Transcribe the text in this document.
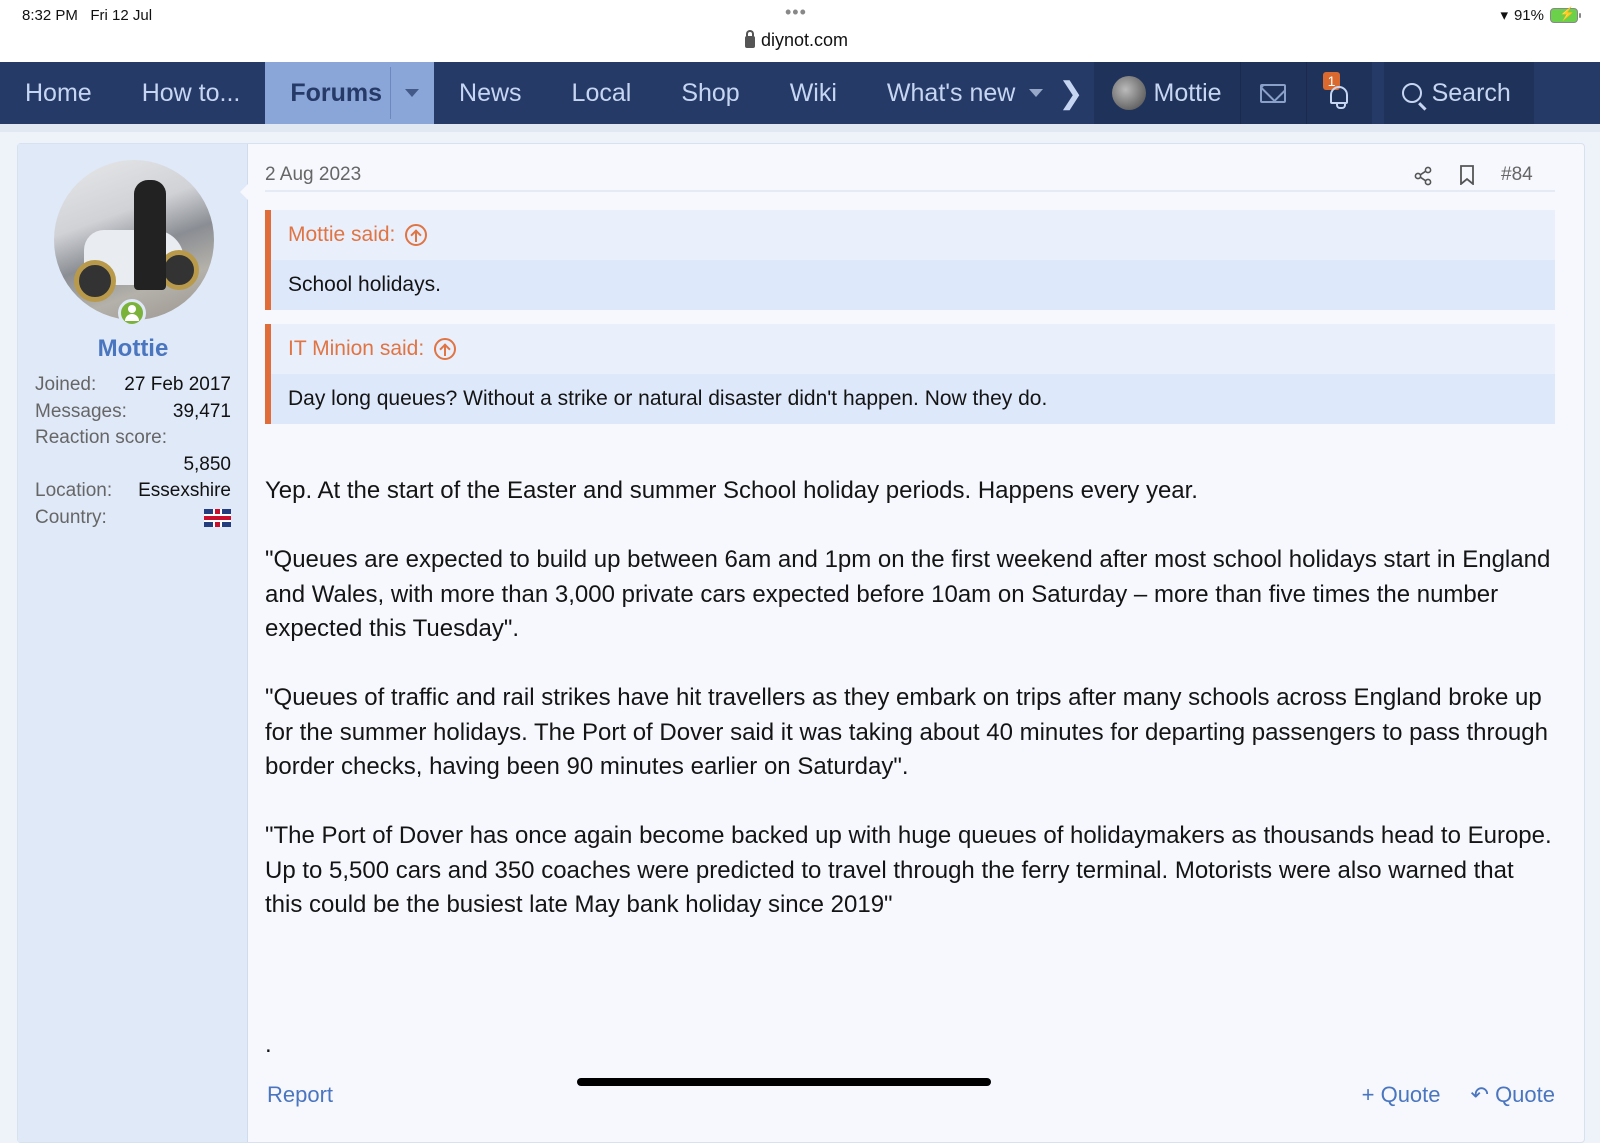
8:32 PM Fri 12 Jul	•••
diynot.com
▾ 91% ⚡
Home How to... Forums	News Local Shop Wiki What's new ❯	Mottie	1	Search
Mottie
Joined: 27 Feb 2017
Messages: 39,471
Reaction score:
5,850
Location: Essexshire
Country:
2 Aug 2023	#84
Mottie said:
School holidays.
IT Minion said:
Day long queues? Without a strike or natural disaster didn't happen. Now they do.

Yep. At the start of the Easter and summer School holiday periods. Happens every year.

"Queues are expected to build up between 6am and 1pm on the first weekend after most school holidays start in England and Wales, with more than 3,000 private cars expected before 10am on Saturday – more than five times the number expected this Tuesday".

"Queues of traffic and rail strikes have hit travellers as they embark on trips after many schools across England broke up for the summer holidays. The Port of Dover said it was taking about 40 minutes for departing passengers to pass through border checks, having been 90 minutes earlier on Saturday".

"The Port of Dover has once again become backed up with huge queues of holidaymakers as thousands head to Europe. Up to 5,500 cars and 350 coaches were predicted to travel through the ferry terminal. Motorists were also warned that this could be the busiest late May bank holiday since 2019"

.
Report	+ Quote ↶ Quote
